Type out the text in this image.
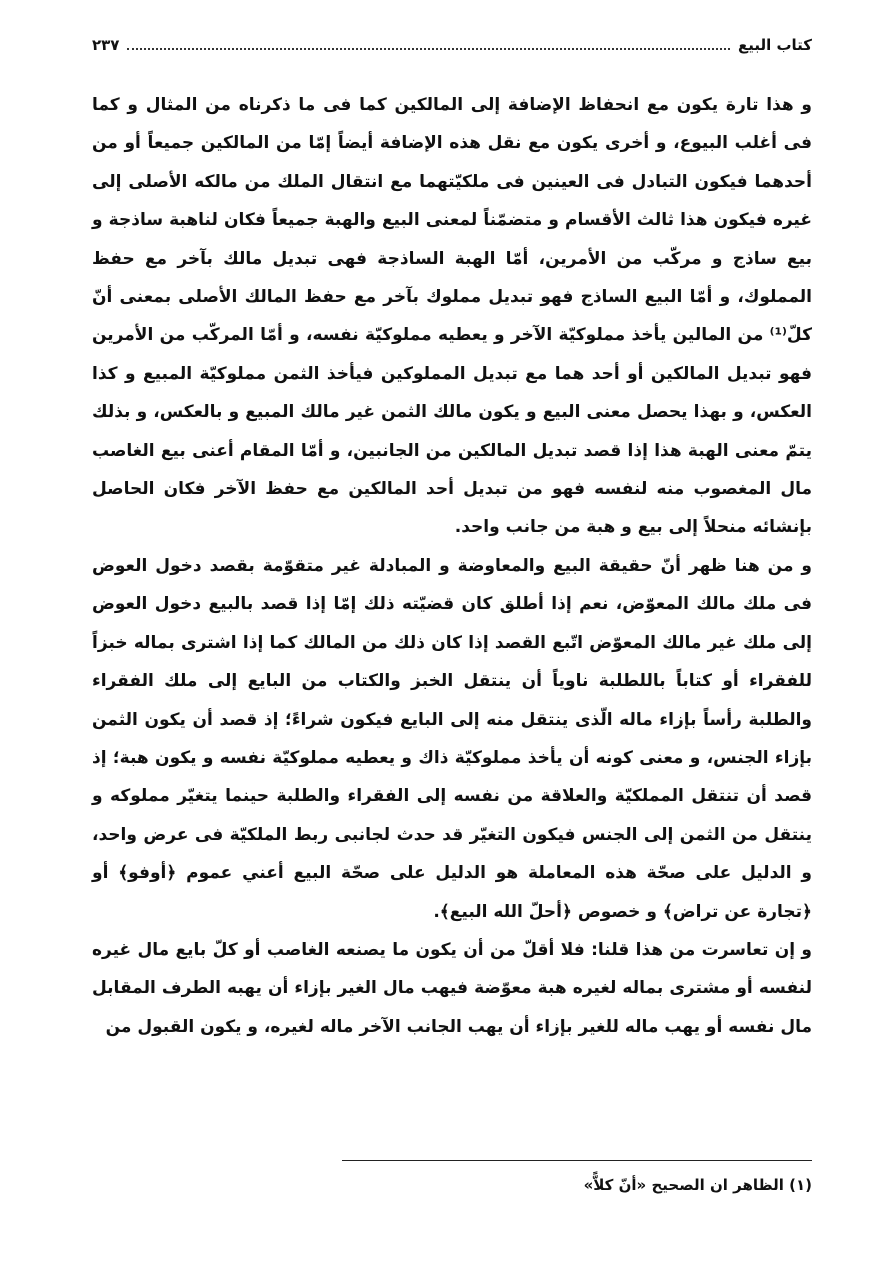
كتاب البيع
٢٣٧

و هذا تارة يكون مع انحفاظ الإضافة إلى المالكين كما فى ما ذكرناه من المثال و كما فى أغلب البيوع، و أخرى يكون مع نقل هذه الإضافة أيضاً إمّا من المالكين جميعاً أو من أحدهما فيكون التبادل فى العينين فى ملكيّتهما مع انتقال الملك من مالكه الأصلى إلى غيره فيكون هذا ثالث الأقسام و متضمّناً لمعنى البيع والهبة جميعاً فكان لناهبة ساذجة و بيع ساذج و مركّب من الأمرين، أمّا الهبة الساذجة فهى تبديل مالك بآخر مع حفظ المملوك، و أمّا البيع الساذج فهو تبديل مملوك بآخر مع حفظ المالك الأصلى بمعنى أنّ كلّ⁽¹⁾ من المالين يأخذ مملوكيّة الآخر و يعطيه مملوكيّة نفسه، و أمّا المركّب من الأمرين فهو تبديل المالكين أو أحد هما مع تبديل المملوكين فيأخذ الثمن مملوكيّة المبيع و كذا العكس، و بهذا يحصل معنى البيع و يكون مالك الثمن غير مالك المبيع و بالعكس، و بذلك يتمّ معنى الهبة هذا إذا قصد تبديل المالكين من الجانبين، و أمّا المقام أعنى بيع الغاصب مال المغصوب منه لنفسه فهو من تبديل أحد المالكين مع حفظ الآخر فكان الحاصل بإنشائه منحلاً إلى بيع و هبة من جانب واحد.

و من هنا ظهر أنّ حقيقة البيع والمعاوضة و المبادلة غير متقوّمة بقصد دخول العوض فى ملك مالك المعوّض، نعم إذا أطلق كان قضيّته ذلك إمّا إذا قصد بالبيع دخول العوض إلى ملك غير مالك المعوّض اتّبع القصد إذا كان ذلك من المالك كما إذا اشترى بماله خبزاً للفقراء أو كتاباً باللطلبة ناوياً أن ينتقل الخبز والكتاب من البايع إلى ملك الفقراء والطلبة رأساً بإزاء ماله الّذى ينتقل منه إلى البايع فيكون شراءً؛ إذ قصد أن يكون الثمن بإزاء الجنس، و معنى كونه أن يأخذ مملوكيّة ذاك و يعطيه مملوكيّة نفسه و يكون هبة؛ إذ قصد أن تنتقل المملكيّة والعلاقة من نفسه إلى الفقراء والطلبة حينما يتغيّر مملوكه و ينتقل من الثمن إلى الجنس فيكون التغيّر قد حدث لجانبى ربط الملكيّة فى عرض واحد، و الدليل على صحّة هذه المعاملة هو الدليل على صحّة البيع أعني عموم ﴿أوفو﴾ أو ﴿تجارة عن تراض﴾ و خصوص ﴿أحلّ الله البيع﴾.

و إن تعاسرت من هذا قلنا: فلا أقلّ من أن يكون ما يصنعه الغاصب أو كلّ بايع مال غيره لنفسه أو مشترى بماله لغيره هبة معوّضة فيهب مال الغير بإزاء أن يهبه الطرف المقابل مال نفسه أو يهب ماله للغير بإزاء أن يهب الجانب الآخر ماله لغيره، و يكون القبول من

(١) الظاهر ان الصحيح «أنّ كلاًّ»
